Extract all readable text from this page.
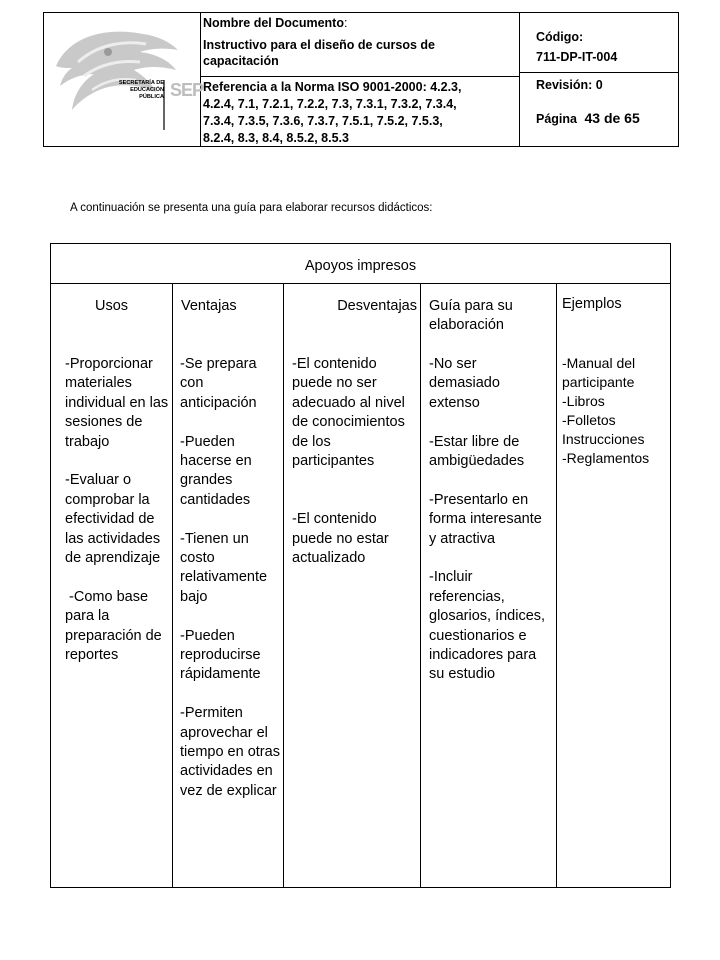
SECRETARÍA DE
EDUCACIÓN
PÚBLICA SEP
Nombre del Documento:
Instructivo para el diseño de cursos de
capacitación
Referencia a la Norma ISO 9001-2000: 4.2.3,
4.2.4, 7.1, 7.2.1, 7.2.2, 7.3, 7.3.1, 7.3.2, 7.3.4,
7.3.4, 7.3.5, 7.3.6, 7.3.7, 7.5.1, 7.5.2, 7.5.3,
8.2.4, 8.3, 8.4, 8.5.2, 8.5.3
Código:
711-DP-IT-004
Revisión: 0
Página 43 de 65
A continuación se presenta una guía para elaborar recursos didácticos:
Apoyos impresos
Usos	Ventajas	Desventajas Guía para su elaboración
Ejemplos

-Proporcionar materiales individual en las sesiones de trabajo

-Evaluar o comprobar la efectividad de las actividades de aprendizaje

-Como base para la preparación de reportes

-Se prepara con anticipación

-Pueden hacerse en grandes cantidades

-Tienen un costo relativamente bajo

-Pueden reproducirse rápidamente

-Permiten aprovechar el tiempo en otras actividades en vez de explicar

-El contenido puede no ser adecuado al nivel de conocimientos de los participantes

-El contenido puede no estar actualizado

-No ser demasiado extenso

-Estar libre de ambigüedades

-Presentarlo en forma interesante y atractiva

-Incluir referencias, glosarios, índices, cuestionarios e indicadores para su estudio

-Manual del participante
-Libros
-Folletos Instrucciones
-Reglamentos
